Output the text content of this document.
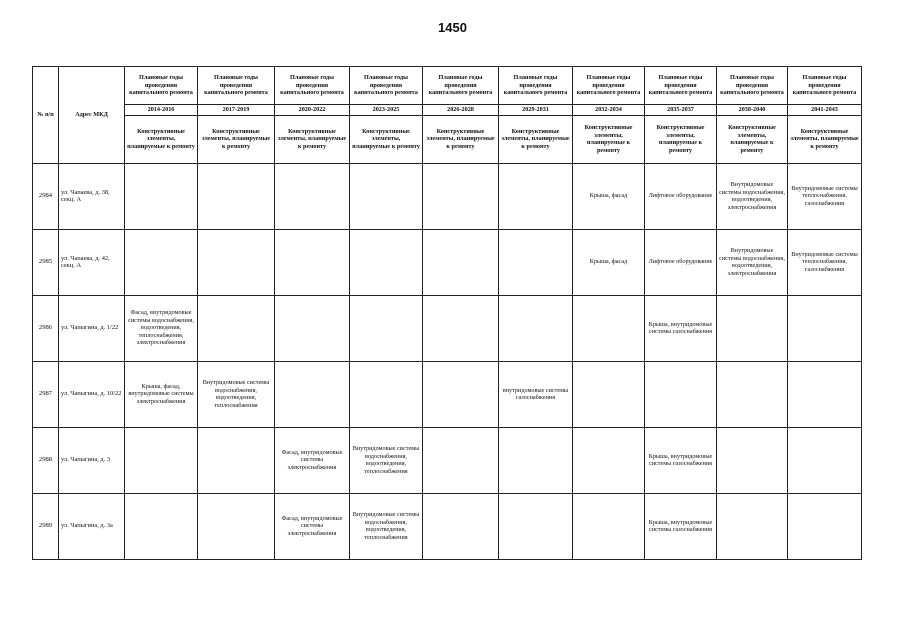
1450
№ п/п	Адрес МКД	Плановые годы проведения капитального ремонта	Плановые годы проведения капитального ремонта	Плановые годы проведения капитального ремонта	Плановые годы проведения капитального ремонта	Плановые годы проведения капитального ремонта	Плановые годы проведения капитального ремонта	Плановые годы проведения капитального ремонта	Плановые годы проведения капитального ремонта	Плановые годы проведения капитального ремонта	Плановые годы проведения капитального ремонта
		2014-2016	2017-2019	2020-2022	2023-2025	2026-2028	2029-2031	2032-2034	2035-2037	2038-2040	2041-2043
		Конструктивные элементы, планируемые к ремонту	Конструктивные элементы, планируемые к ремонту	Конструктивные элементы, планируемые к ремонту	Конструктивные элементы, планируемые к ремонту	Конструктивные элементы, планируемые к ремонту	Конструктивные элементы, планируемые к ремонту	Конструктивные элементы, планируемые к ремонту	Конструктивные элементы, планируемые к ремонту	Конструктивные элементы, планируемые к ремонту	Конструктивные элементы, планируемые к ремонту
2984	ул. Чапаева, д. 38, секц. А							Крыша, фасад	Лифтовое оборудование	Внутридомовые системы водоснабжения, водоотведения, электроснабжения	Внутридомовые системы теплоснабжения, газоснабжения
2985	ул. Чапаева, д. 42, секц. А							Крыша, фасад	Лифтовое оборудование	Внутридомовые системы водоснабжения, водоотведения, электроснабжения	Внутридомовые системы теплоснабжения, газоснабжения
2986	ул. Чапыгина, д. 1/22	Фасад, внутридомовые системы водоснабжения, водоотведения, теплоснабжения, электроснабжения							Крыша, внутридомовые системы газоснабжения		
2987	ул. Чапыгина, д. 10/22	Крыша, фасад, внутридомовые системы электроснабжения	Внутридомовые системы водоснабжения, водоотведения, теплоснабжения				внутридомовые системы газоснабжения				
2988	ул. Чапыгина, д. 3			Фасад, внутридомовые системы электроснабжения	Внутридомовые системы водоснабжения, водоотведения, теплоснабжения				Крыша, внутридомовые системы газоснабжения		
2989	ул. Чапыгина, д. 3а			Фасад, внутридомовые системы электроснабжения	Внутридомовые системы водоснабжения, водоотведения, теплоснабжения				Крыша, внутридомовые системы газоснабжения		
